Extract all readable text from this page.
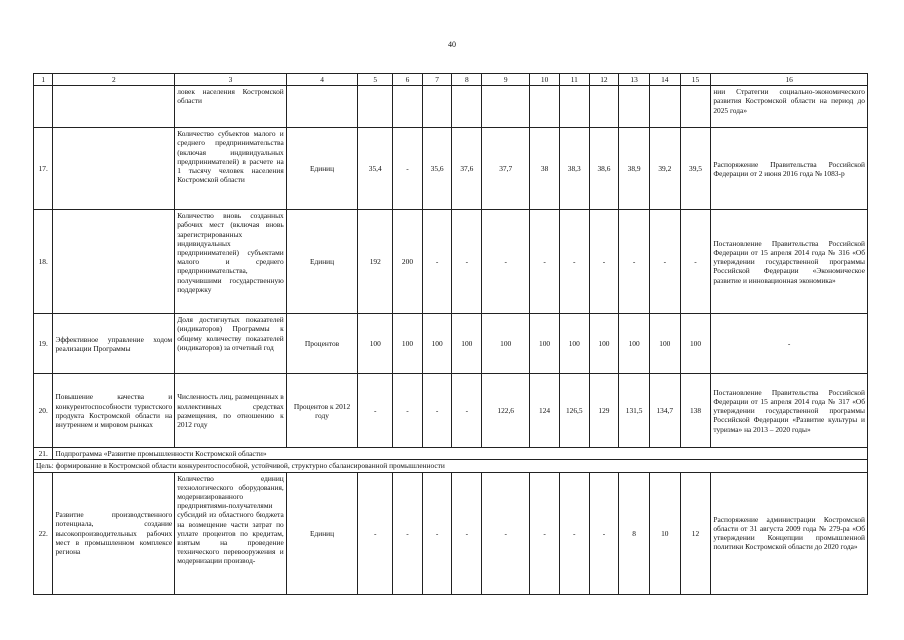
40
1	2	3	4	5	6	7	8	9	10	11	12	13	14	15	16
		ловек населения Костромской области													нии Стратегии социально-экономического развития Костромской области на период до 2025 года»
17.		Количество субъектов малого и среднего предпринимательства (включая индивидуальных предпринимателей) в расчете на 1 тысячу человек населения Костромской области	Единиц	35,4	-	35,6	37,6	37,7	38	38,3	38,6	38,9	39,2	39,5	Распоряжение Правительства Российской Федерации от 2 июня 2016 года № 1083-р
18.		Количество вновь созданных рабочих мест (включая вновь зарегистрированных индивидуальных предпринимателей) субъектами малого и среднего предпринимательства, получившими государственную поддержку	Единиц	192	200	-	-	-	-	-	-	-	-	-	Постановление Правительства Российской Федерации от 15 апреля 2014 года № 316 «Об утверждении государственной программы Российской Федерации «Экономическое развитие и инновационная экономика»
19.	Эффективное управление ходом реализации Программы	Доля достигнутых показателей (индикаторов) Программы к общему количеству показателей (индикаторов) за отчетный год	Процентов	100	100	100	100	100	100	100	100	100	100	100	-
20.	Повышение качества и конкурентоспособности туристского продукта Костромской области на внутреннем и мировом рынках	Численность лиц, размещенных в коллективных средствах размещения, по отношению к 2012 году	Процентов к 2012 году	-	-	-	-	122,6	124	126,5	129	131,5	134,7	138	Постановление Правительства Российской Федерации от 15 апреля 2014 года № 317 «Об утверждении государственной программы Российской Федерации «Развитие культуры и туризма» на 2013 – 2020 годы»
21.	Подпрограмма «Развитие промышленности Костромской области»														
Цель: формирование в Костромской области конкурентоспособной, устойчивой, структурно сбалансированной промышленности															
22.	Развитие производственного потенциала, создание высокопроизводительных рабочих мест в промышленном комплексе региона	Количество единиц технологического оборудования, модернизированного предприятиями-получателями субсидий из областного бюджета на возмещение части затрат по уплате процентов по кредитам, взятым на проведение технического перевооружения и модернизации производ-	Единиц	-	-	-	-	-	-	-	-	8	10	12	Распоряжение администрации Костромской области от 31 августа 2009 года № 279-ра «Об утверждении Концепции промышленной политики Костромской области до 2020 года»
